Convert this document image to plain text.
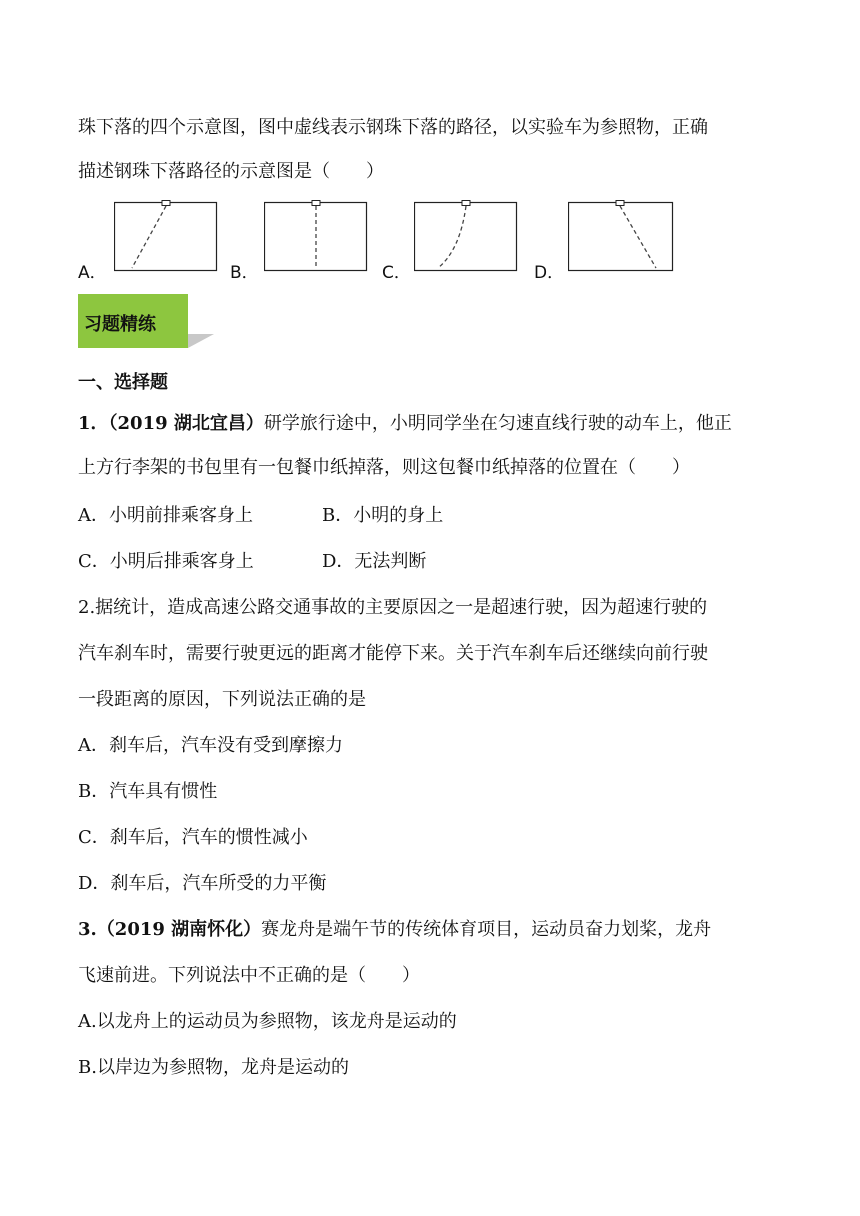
珠下落的四个示意图，图中虚线表示钢珠下落的路径，以实验车为参照物，正确
描述钢珠下落路径的示意图是（　　）
A．	B．	C．	D．
习题精练
一、选择题
1．（2019 湖北宜昌）研学旅行途中，小明同学坐在匀速直线行驶的动车上，他正
上方行李架的书包里有一包餐巾纸掉落，则这包餐巾纸掉落的位置在（　　）
A．小明前排乘客身上	B．小明的身上
C．小明后排乘客身上	D．无法判断
2.据统计，造成高速公路交通事故的主要原因之一是超速行驶，因为超速行驶的
汽车刹车时，需要行驶更远的距离才能停下来。关于汽车刹车后还继续向前行驶
一段距离的原因，下列说法正确的是
A．刹车后，汽车没有受到摩擦力
B．汽车具有惯性
C．刹车后，汽车的惯性减小
D．刹车后，汽车所受的力平衡
3.（2019 湖南怀化）赛龙舟是端午节的传统体育项目，运动员奋力划桨，龙舟
飞速前进。下列说法中不正确的是（　　）
A.以龙舟上的运动员为参照物，该龙舟是运动的
B.以岸边为参照物，龙舟是运动的
